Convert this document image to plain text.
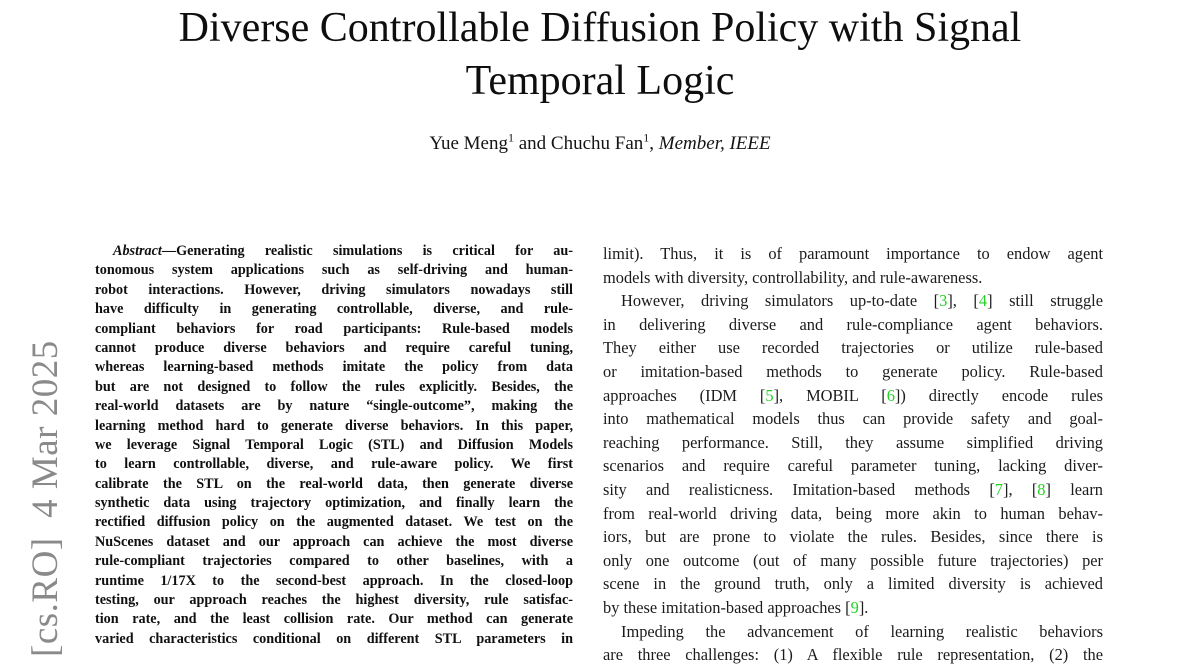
Diverse Controllable Diffusion Policy with Signal
Temporal Logic
Yue Meng$^1$ and Chuchu Fan$^1$, Member, IEEE
Abstract—Generating realistic simulations is critical for au-
tonomous system applications such as self-driving and human-
robot interactions. However, driving simulators nowadays still
have difficulty in generating controllable, diverse, and rule-
compliant behaviors for road participants: Rule-based models
cannot produce diverse behaviors and require careful tuning,
whereas learning-based methods imitate the policy from data
but are not designed to follow the rules explicitly. Besides, the
real-world datasets are by nature “single-outcome”, making the
learning method hard to generate diverse behaviors. In this paper,
we leverage Signal Temporal Logic (STL) and Diffusion Models
to learn controllable, diverse, and rule-aware policy. We first
calibrate the STL on the real-world data, then generate diverse
synthetic data using trajectory optimization, and finally learn the
rectified diffusion policy on the augmented dataset. We test on the
NuScenes dataset and our approach can achieve the most diverse
rule-compliant trajectories compared to other baselines, with a
runtime 1/17X to the second-best approach. In the closed-loop
testing, our approach reaches the highest diversity, rule satisfac-
tion rate, and the least collision rate. Our method can generate
varied characteristics conditional on different STL parameters in
limit). Thus, it is of paramount importance to endow agent
models with diversity, controllability, and rule-awareness.
However, driving simulators up-to-date [3], [4] still struggle
in delivering diverse and rule-compliance agent behaviors.
They either use recorded trajectories or utilize rule-based
or imitation-based methods to generate policy. Rule-based
approaches (IDM [5], MOBIL [6]) directly encode rules
into mathematical models thus can provide safety and goal-
reaching performance. Still, they assume simplified driving
scenarios and require careful parameter tuning, lacking diver-
sity and realisticness. Imitation-based methods [7], [8] learn
from real-world driving data, being more akin to human behav-
iors, but are prone to violate the rules. Besides, since there is
only one outcome (out of many possible future trajectories) per
scene in the ground truth, only a limited diversity is achieved
by these imitation-based approaches [9].
Impeding the advancement of learning realistic behaviors
are three challenges: (1) A flexible rule representation, (2) the
[cs.RO]  4 Mar 2025
